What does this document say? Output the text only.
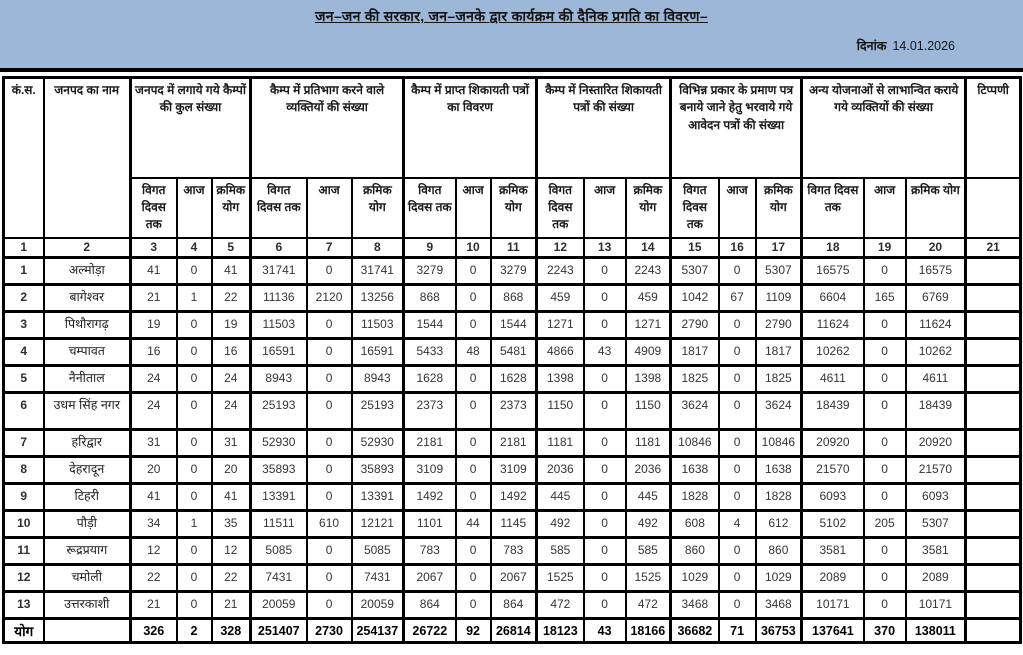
जन–जन की सरकार, जन–जनके द्वार कार्यक्रम की दैनिक प्रगति का विवरण–
दिनांक 14.01.2026
कं.स.	जनपद का नाम	जनपद में लगाये गये कैम्पों की कुल संख्या			कैम्प में प्रतिभाग करने वाले व्यक्तियों की संख्या			कैम्प में प्राप्त शिकायती पत्रों का विवरण			कैम्प में निस्तारित शिकायती पत्रों की संख्या			विभिन्न प्रकार के प्रमाण पत्र बनाये जाने हेतु भरवाये गये आवेदन पत्रों की संख्या			अन्य योजनाओं से लाभान्वित कराये गये व्यक्तियों की संख्या			टिप्पणी
		विगत दिवस तक	आज	क्रमिक योग	विगत दिवस तक	आज	क्रमिक योग	विगत दिवस तक	आज	क्रमिक योग	विगत दिवस तक	आज	क्रमिक योग	विगत दिवस तक	आज	क्रमिक योग	विगत दिवस तक	आज	क्रमिक योग	
1	2	3	4	5	6	7	8	9	10	11	12	13	14	15	16	17	18	19	20	21
1	अल्मोड़ा	41	0	41	31741	0	31741	3279	0	3279	2243	0	2243	5307	0	5307	16575	0	16575	
2	बागेश्वर	21	1	22	11136	2120	13256	868	0	868	459	0	459	1042	67	1109	6604	165	6769	
3	पिथौरागढ़	19	0	19	11503	0	11503	1544	0	1544	1271	0	1271	2790	0	2790	11624	0	11624	
4	चम्पावत	16	0	16	16591	0	16591	5433	48	5481	4866	43	4909	1817	0	1817	10262	0	10262	
5	नैनीताल	24	0	24	8943	0	8943	1628	0	1628	1398	0	1398	1825	0	1825	4611	0	4611	
6	उधम सिंह नगर	24	0	24	25193	0	25193	2373	0	2373	1150	0	1150	3624	0	3624	18439	0	18439	
7	हरिद्वार	31	0	31	52930	0	52930	2181	0	2181	1181	0	1181	10846	0	10846	20920	0	20920	
8	देहरादून	20	0	20	35893	0	35893	3109	0	3109	2036	0	2036	1638	0	1638	21570	0	21570	
9	टिहरी	41	0	41	13391	0	13391	1492	0	1492	445	0	445	1828	0	1828	6093	0	6093	
10	पौड़ी	34	1	35	11511	610	12121	1101	44	1145	492	0	492	608	4	612	5102	205	5307	
11	रूद्रप्रयाग	12	0	12	5085	0	5085	783	0	783	585	0	585	860	0	860	3581	0	3581	
12	चमोली	22	0	22	7431	0	7431	2067	0	2067	1525	0	1525	1029	0	1029	2089	0	2089	
13	उत्तरकाशी	21	0	21	20059	0	20059	864	0	864	472	0	472	3468	0	3468	10171	0	10171	
योग		326	2	328	251407	2730	254137	26722	92	26814	18123	43	18166	36682	71	36753	137641	370	138011	
